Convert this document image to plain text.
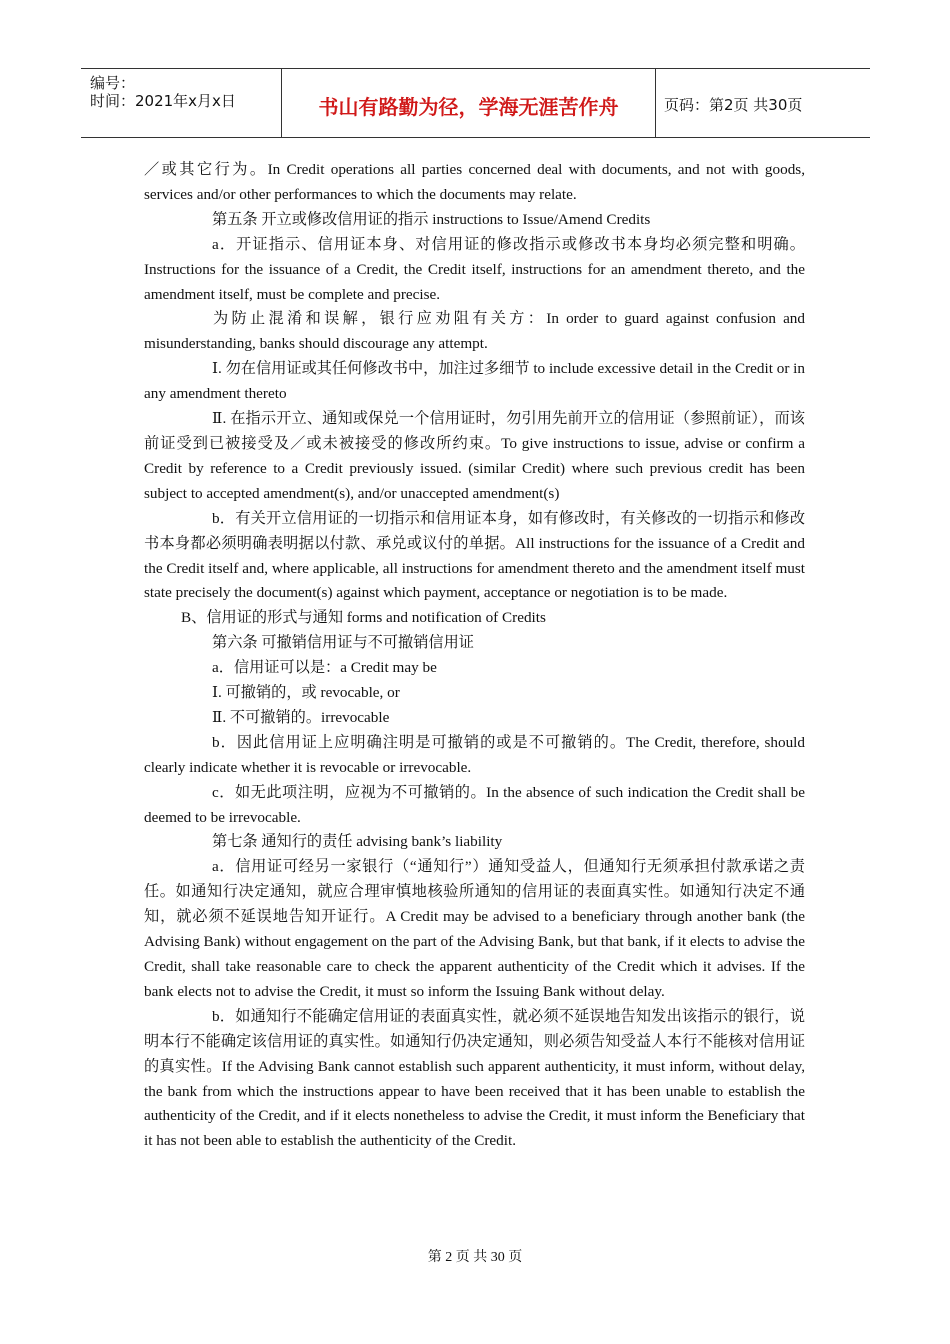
编号：
时间：2021年x月x日	书山有路勤为径，学海无涯苦作舟	页码：第2页 共30页

／或其它行为。In Credit operations all parties concerned deal with documents, and not with goods, services and/or other performances to which the documents may relate.

第五条 开立或修改信用证的指示 instructions to Issue/Amend Credits

a．开证指示、信用证本身、对信用证的修改指示或修改书本身均必须完整和明确。Instructions for the issuance of a Credit, the Credit itself, instructions for an amendment thereto, and the amendment itself, must be complete and precise.

为防止混淆和误解，银行应劝阻有关方：In order to guard against confusion and misunderstanding, banks should discourage any attempt.

Ⅰ. 勿在信用证或其任何修改书中，加注过多细节 to include excessive detail in the Credit or in any amendment thereto

Ⅱ. 在指示开立、通知或保兑一个信用证时，勿引用先前开立的信用证（参照前证），而该前证受到已被接受及／或未被接受的修改所约束。To give instructions to issue, advise or confirm a Credit by reference to a Credit previously issued. (similar Credit) where such previous credit has been subject to accepted amendment(s), and/or unaccepted amendment(s)

b．有关开立信用证的一切指示和信用证本身，如有修改时，有关修改的一切指示和修改书本身都必须明确表明据以付款、承兑或议付的单据。All instructions for the issuance of a Credit and the Credit itself and, where applicable, all instructions for amendment thereto and the amendment itself must state precisely the document(s) against which payment, acceptance or negotiation is to be made.

B、信用证的形式与通知 forms and notification of Credits

第六条 可撤销信用证与不可撤销信用证

a．信用证可以是：a Credit may be

Ⅰ. 可撤销的，或 revocable, or

Ⅱ. 不可撤销的。irrevocable

b．因此信用证上应明确注明是可撤销的或是不可撤销的。The Credit, therefore, should clearly indicate whether it is revocable or irrevocable.

c．如无此项注明，应视为不可撤销的。In the absence of such indication the Credit shall be deemed to be irrevocable.

第七条 通知行的责任 advising bank’s liability

a．信用证可经另一家银行（“通知行”）通知受益人，但通知行无须承担付款承诺之责任。如通知行决定通知，就应合理审慎地核验所通知的信用证的表面真实性。如通知行决定不通知，就必须不延误地告知开证行。A Credit may be advised to a beneficiary through another bank (the Advising Bank) without engagement on the part of the Advising Bank, but that bank, if it elects to advise the Credit, shall take reasonable care to check the apparent authenticity of the Credit which it advises. If the bank elects not to advise the Credit, it must so inform the Issuing Bank without delay.

b．如通知行不能确定信用证的表面真实性，就必须不延误地告知发出该指示的银行，说明本行不能确定该信用证的真实性。如通知行仍决定通知，则必须告知受益人本行不能核对信用证的真实性。If the Advising Bank cannot establish such apparent authenticity, it must inform, without delay, the bank from which the instructions appear to have been received that it has been unable to establish the authenticity of the Credit, and if it elects nonetheless to advise the Credit, it must inform the Beneficiary that it has not been able to establish the authenticity of the Credit.

第 2 页 共 30 页
